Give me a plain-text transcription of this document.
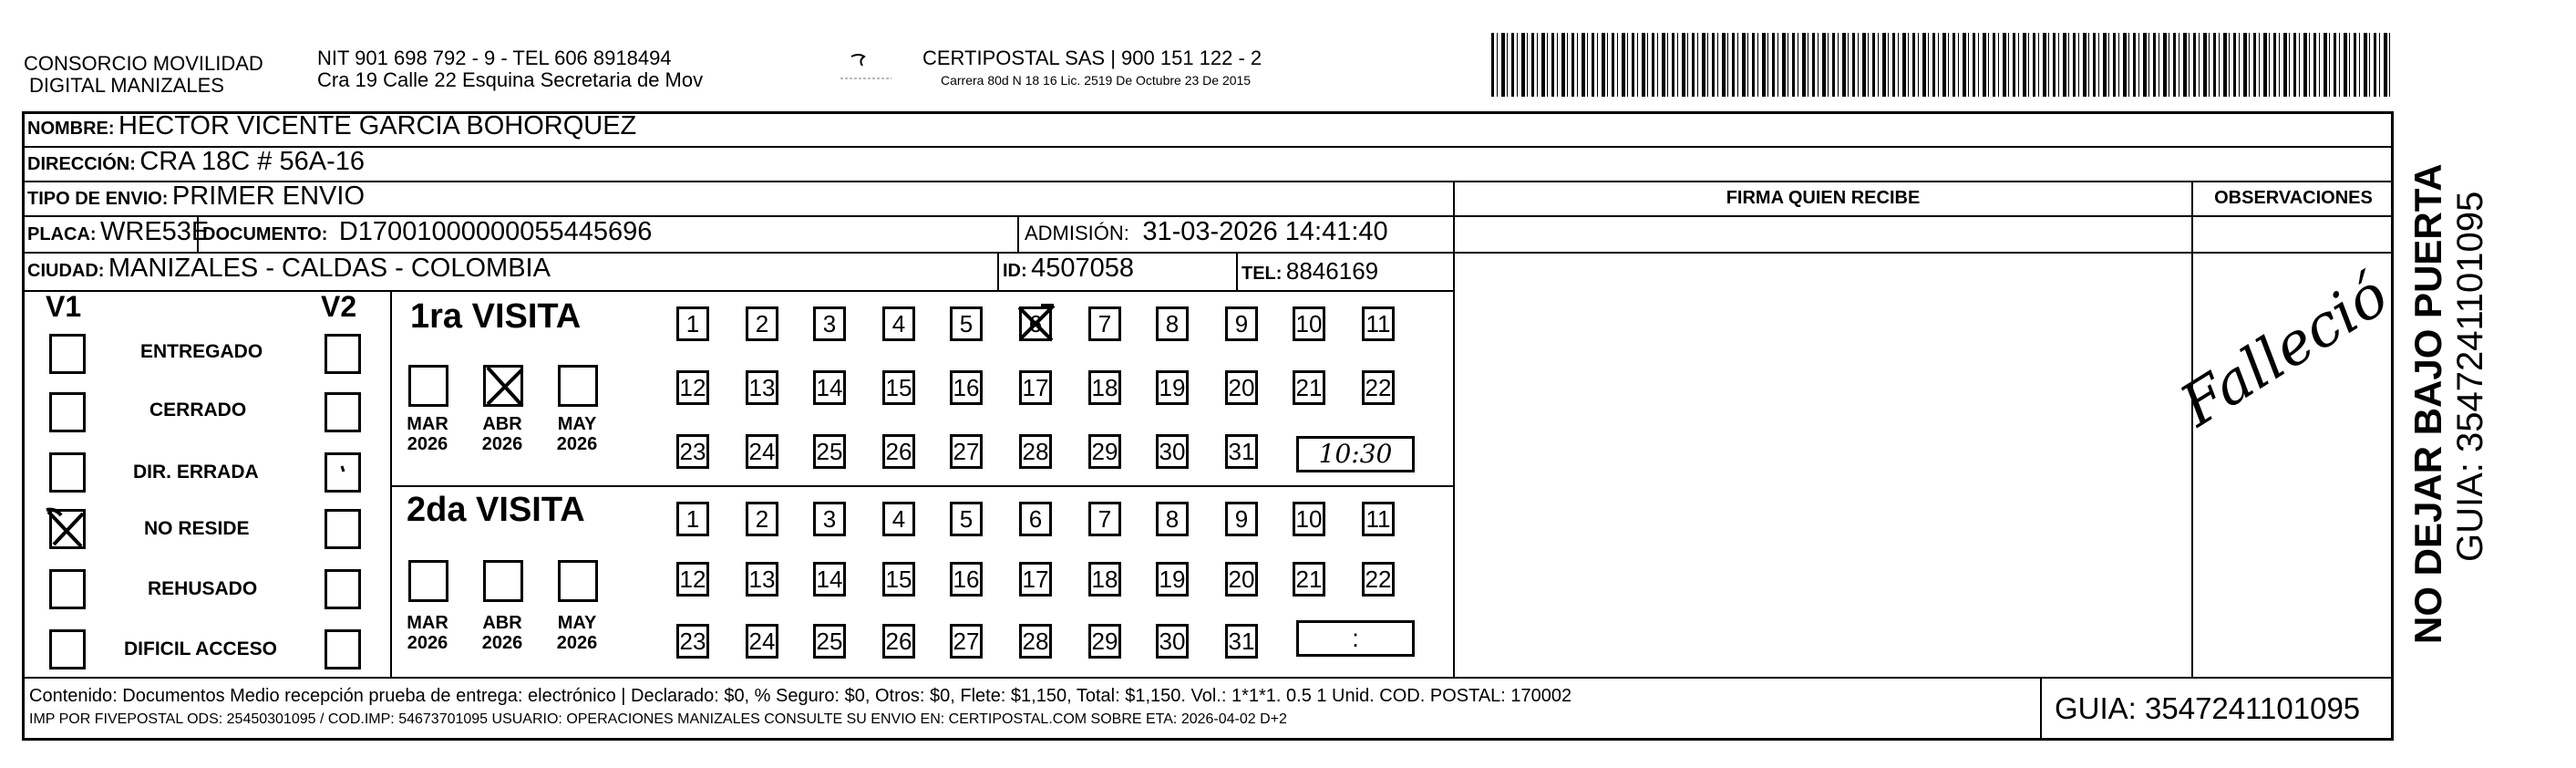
CONSORCIO MOVILIDAD
DIGITAL MANIZALES
NIT 901 698 792 - 9 - TEL 606 8918494
Cra 19 Calle 22 Esquina Secretaria de Mov
CERTIPOSTAL SAS | 900 151 122 - 2
Carrera 80d N 18 16 Lic. 2519 De Octubre 23 De 2015
NOMBRE: HECTOR VICENTE GARCIA BOHORQUEZ
DIRECCIÓN: CRA 18C # 56A-16
TIPO DE ENVIO: PRIMER ENVIO
PLACA: WRE53E
DOCUMENTO: D17001000000055445696	ADMISIÓN: 31-03-2026 14:41:40
CIUDAD: MANIZALES - CALDAS - COLOMBIA	ID: 4507058	TEL: 8846169
FIRMA QUIEN RECIBE	OBSERVACIONES
V1	V2
ENTREGADO
CERRADO
DIR. ERRADA
NO RESIDE
REHUSADO
DIFICIL ACCESO
1ra VISITA
MAR
2026
ABR
2026
MAY
2026
1	2	3	4	5	6	7	8	9	10 11
12 13 14 15 16 17 18 19 20 21 22
23 24 25 26 27 28 29 30 31	10:30
2da VISITA
MAR
2026
ABR
2026
MAY
2026
1	2	3	4	5	6	7	8	9	10 11
12 13 14 15 16 17 18 19 20 21 22
23 24 25 26 27 28 29 30 31	:
Falleció
Contenido: Documentos Medio recepción prueba de entrega: electrónico | Declarado: $0, % Seguro: $0, Otros: $0, Flete: $1,150, Total: $1,150. Vol.: 1*1*1. 0.5 1 Unid. COD. POSTAL: 170002
IMP POR FIVEPOSTAL ODS: 25450301095 / COD.IMP: 54673701095 USUARIO: OPERACIONES MANIZALES CONSULTE SU ENVIO EN: CERTIPOSTAL.COM SOBRE ETA: 2026-04-02 D+2	GUIA: 3547241101095
NO DEJAR BAJO PUERTA GUIA: 3547241101095
